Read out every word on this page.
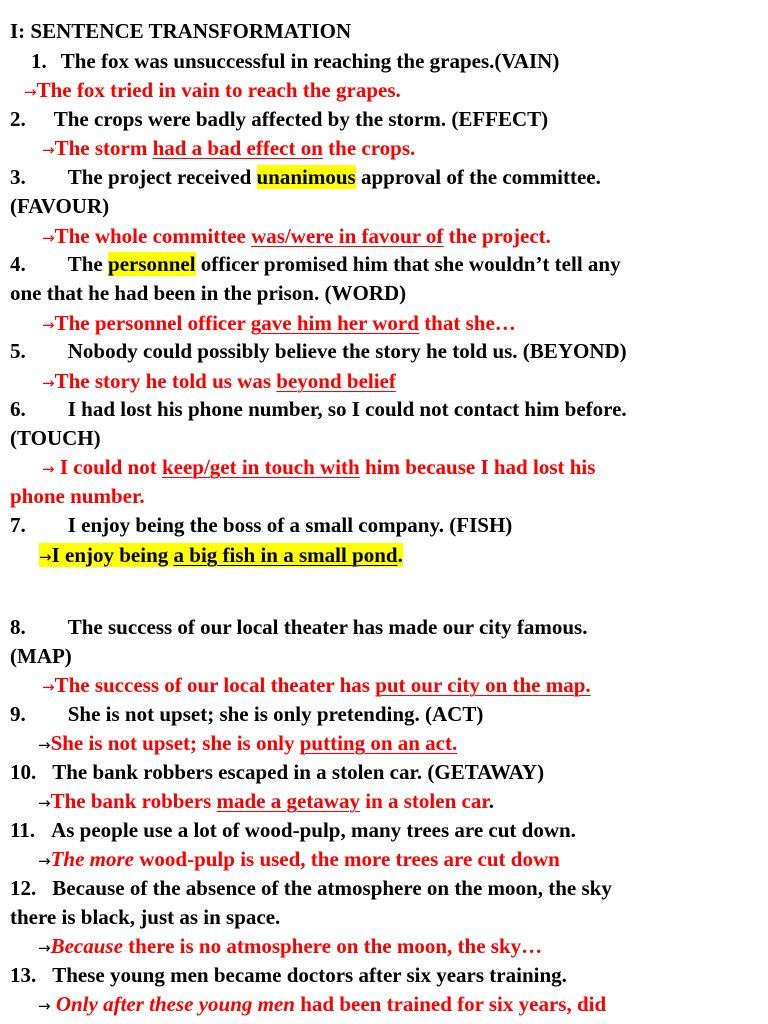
I: SENTENCE TRANSFORMATION
1. The fox was unsuccessful in reaching the grapes.(VAIN)
→The fox tried in vain to reach the grapes.
2. The crops were badly affected by the storm. (EFFECT)
→The storm had a bad effect on the crops.
3. The project received unanimous approval of the committee.
(FAVOUR)
→The whole committee was/were in favour of the project.
4. The personnel officer promised him that she wouldn’t tell any
one that he had been in the prison. (WORD)
→The personnel officer gave him her word that she…
5. Nobody could possibly believe the story he told us. (BEYOND)
→The story he told us was beyond belief
6. I had lost his phone number, so I could not contact him before.
(TOUCH)
→ I could not keep/get in touch with him because I had lost his
phone number.
7. I enjoy being the boss of a small company. (FISH)
→I enjoy being a big fish in a small pond.
8. The success of our local theater has made our city famous.
(MAP)
→The success of our local theater has put our city on the map.
9. She is not upset; she is only pretending. (ACT)
→She is not upset; she is only putting on an act.
10. The bank robbers escaped in a stolen car. (GETAWAY)
→The bank robbers made a getaway in a stolen car.
11. As people use a lot of wood-pulp, many trees are cut down.
→The more wood-pulp is used, the more trees are cut down
12. Because of the absence of the atmosphere on the moon, the sky
there is black, just as in space.
→Because there is no atmosphere on the moon, the sky…
13. These young men became doctors after six years training.
→ Only after these young men had been trained for six years, did
